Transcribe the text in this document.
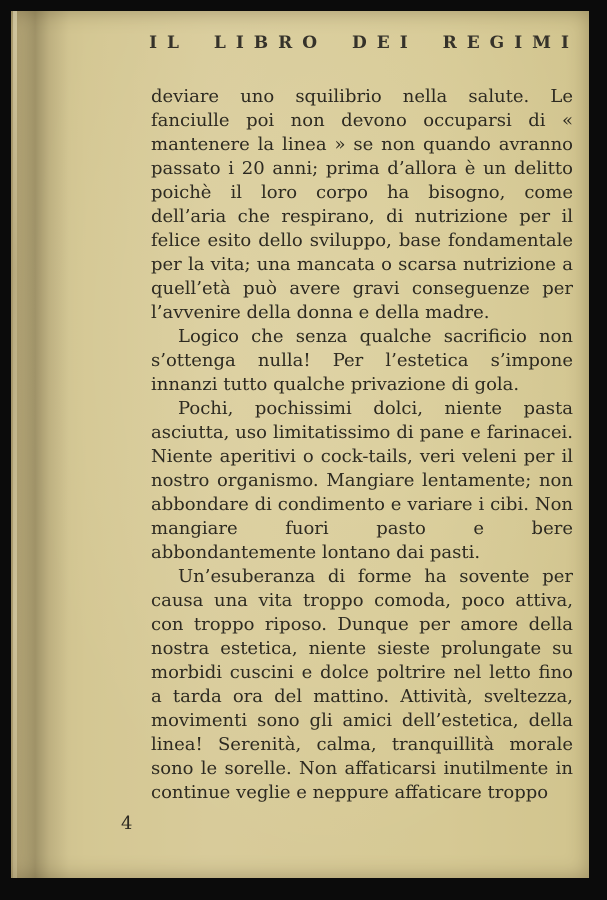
IL LIBRO DEI REGIMI

deviare uno squilibrio nella salute. Le fanciulle poi non devono occuparsi di « mantenere la linea » se non quando avranno passato i 20 anni; prima d’allora è un delitto poichè il loro corpo ha bisogno, come dell’aria che respirano, di nutrizione per il felice esito dello sviluppo, base fondamentale per la vita; una mancata o scarsa nutrizione a quell’età può avere gravi conseguenze per l’avvenire della donna e della madre.

Logico che senza qualche sacrificio non s’ottenga nulla! Per l’estetica s’impone innanzi tutto qualche privazione di gola.

Pochi, pochissimi dolci, niente pasta asciutta, uso limitatissimo di pane e farinacei. Niente aperitivi o cock-tails, veri veleni per il nostro organismo. Mangiare lentamente; non abbondare di condimento e variare i cibi. Non mangiare fuori pasto e bere abbondantemente lontano dai pasti.

Un’esuberanza di forme ha sovente per causa una vita troppo comoda, poco attiva, con troppo riposo. Dunque per amore della nostra estetica, niente sieste prolungate su morbidi cuscini e dolce poltrire nel letto fino a tarda ora del mattino. Attività, sveltezza, movimenti sono gli amici dell’estetica, della linea! Serenità, calma, tranquillità morale sono le sorelle. Non affaticarsi inutilmente in continue veglie e neppure affaticare troppo

4
